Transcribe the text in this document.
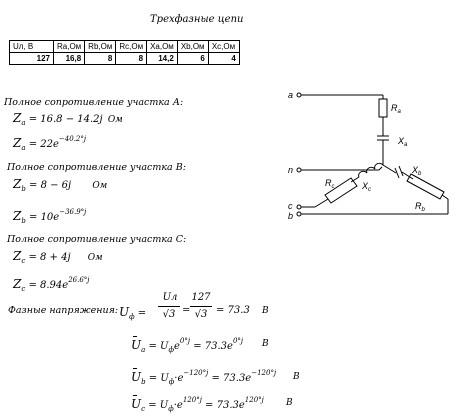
Трехфазные цепи
Uл, В	Ra,Ом	Rb,Ом	Rc,Ом	Xa,Ом	Xb,Ом	Xc,Ом
127	16,8	8	8	14,2	6	4
Полное сопротивление участка А:
$Z_a = 16.8 - 14.2j$ Ом
$Z_a = 22e^{-40.2^\circ j}$
Полное сопротивление участка В:
$Z_b = 8 - 6j$ Ом
$Z_b = 10e^{-36.9^\circ j}$
Полное сопротивление участка С:
$Z_c = 8 + 4j$ Ом
$Z_c = 8.94e^{26.6^\circ j}$
Фазные напряжения: $U_ф$ =
Uл
√3 =
127
√3 = 73.3 В
$U_a = U_фe^{0^\circ j} = 73.3e^{0^\circ j}$ В
$U_b = U_ф\cdot e^{-120^\circ j} = 73.3e^{-120^\circ j}$ В
$U_c = U_ф\cdot e^{120^\circ j} = 73.3e^{120^\circ j}$ В
a
n
c
b
$R_a$
$X_a$
$X_b$
$R_c$	$X_c$
$R_b$
